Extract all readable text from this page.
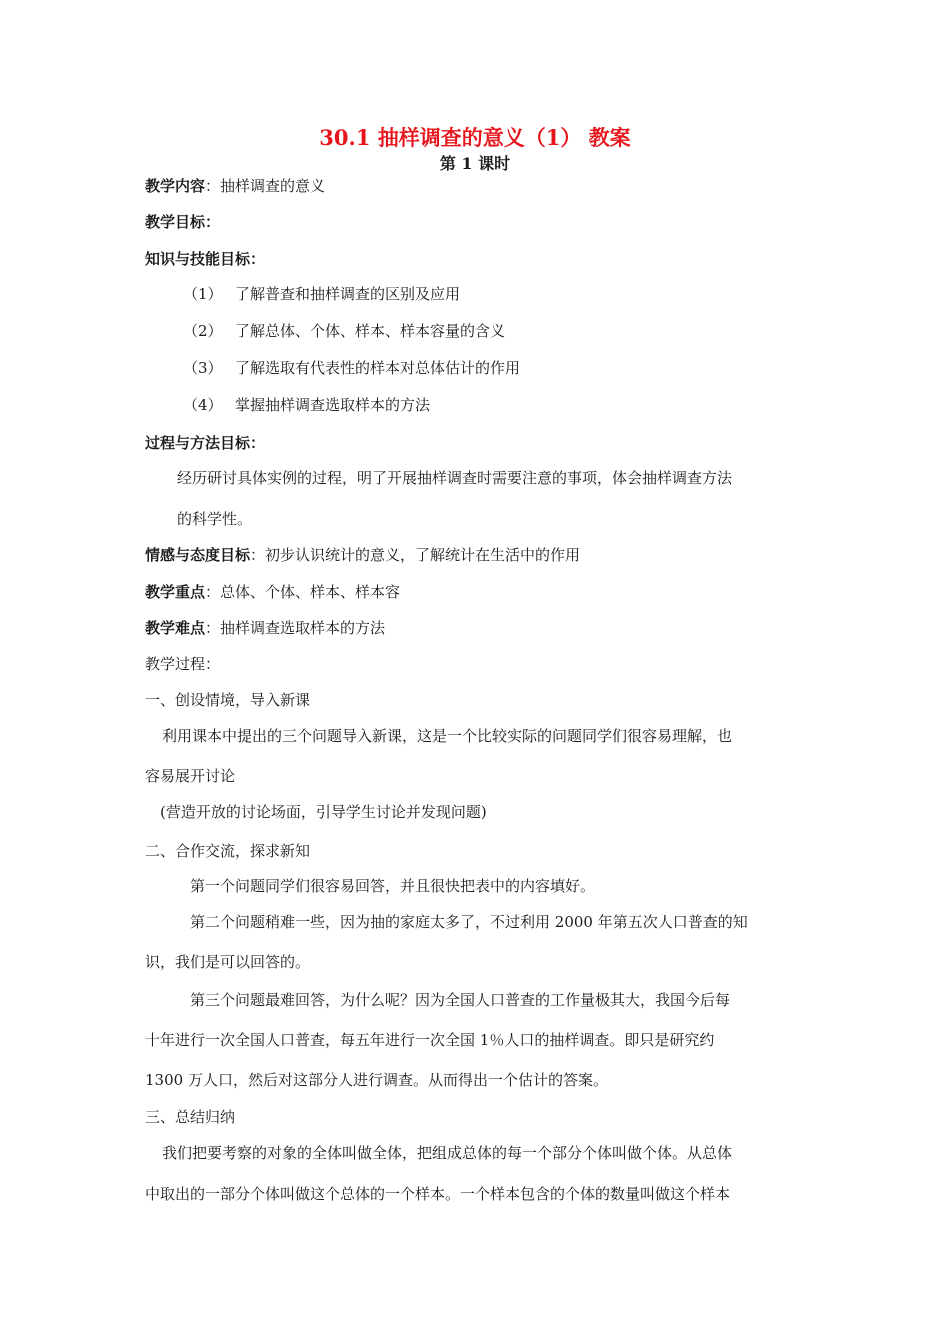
30.1 抽样调查的意义（1） 教案
第 1 课时
教学内容：抽样调查的意义
教学目标：
知识与技能目标：
（1） 了解普查和抽样调查的区别及应用
（2） 了解总体、个体、样本、样本容量的含义
（3） 了解选取有代表性的样本对总体估计的作用
（4） 掌握抽样调查选取样本的方法
过程与方法目标：
经历研讨具体实例的过程，明了开展抽样调查时需要注意的事项，体会抽样调查方法
的科学性。
情感与态度目标：初步认识统计的意义，了解统计在生活中的作用
教学重点：总体、个体、样本、样本容
教学难点：抽样调查选取样本的方法
教学过程：
一、创设情境，导入新课
利用课本中提出的三个问题导入新课，这是一个比较实际的问题同学们很容易理解，也
容易展开讨论
(营造开放的讨论场面，引导学生讨论并发现问题)
二、合作交流，探求新知
第一个问题同学们很容易回答，并且很快把表中的内容填好。
第二个问题稍难一些，因为抽的家庭太多了，不过利用 2000 年第五次人口普查的知
识，我们是可以回答的。
第三个问题最难回答，为什么呢？因为全国人口普查的工作量极其大，我国今后每
十年进行一次全国人口普查，每五年进行一次全国 1％人口的抽样调查。即只是研究约
1300 万人口，然后对这部分人进行调查。从而得出一个估计的答案。
三、总结归纳
我们把要考察的对象的全体叫做全体，把组成总体的每一个部分个体叫做个体。从总体
中取出的一部分个体叫做这个总体的一个样本。一个样本包含的个体的数量叫做这个样本
